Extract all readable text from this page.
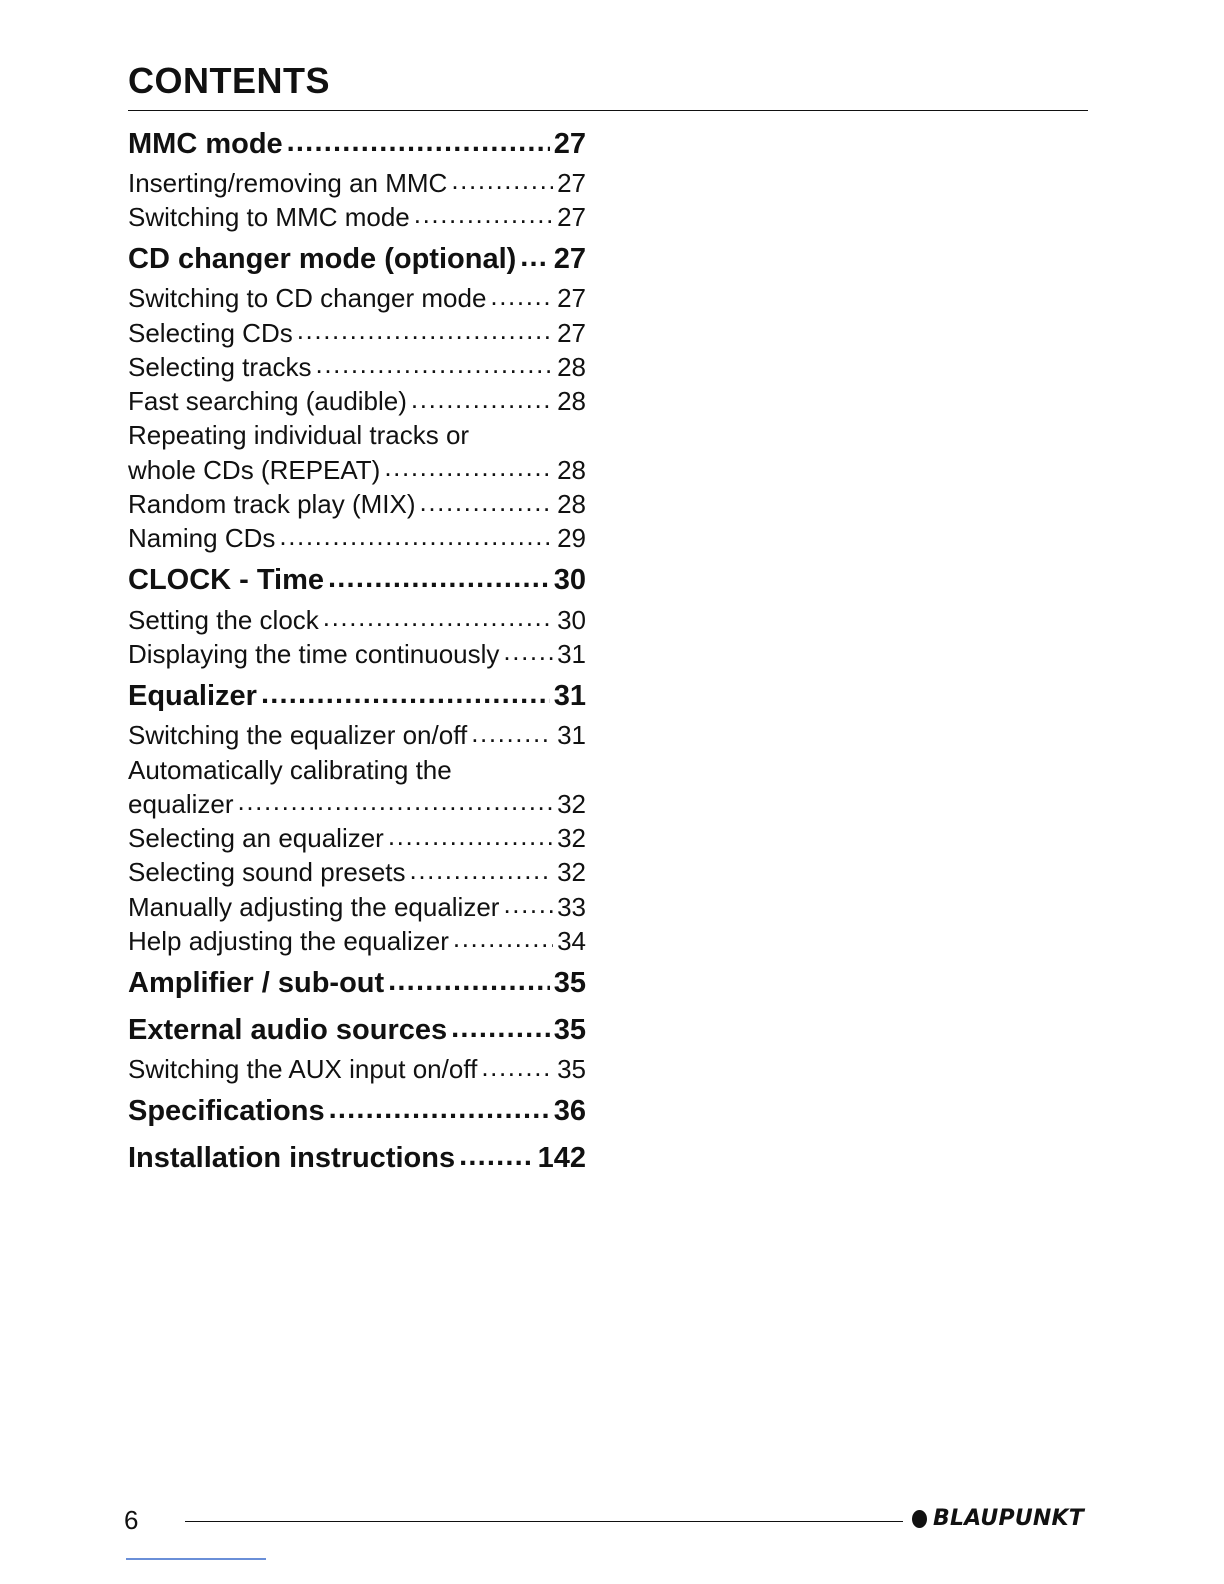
CONTENTS
MMC mode .....	27
Inserting/removing an MMC .....	27
Switching to MMC mode .....	27
CD changer mode (optional) ..... 27
Switching to CD changer mode .....	27
Selecting CDs .....	27
Selecting tracks .....	28
Fast searching (audible) .....	28
Repeating individual tracks or
whole CDs (REPEAT) .....	28
Random track play (MIX) .....	28
Naming CDs .....	29
CLOCK - Time .....	30
Setting the clock .....	30
Displaying the time continuously ..... 31
Equalizer .....	31
Switching the equalizer on/off .....	31
Automatically calibrating the
equalizer .....	32
Selecting an equalizer .....	32
Selecting sound presets .....	32
Manually adjusting the equalizer ..... 33
Help adjusting the equalizer .....	34
Amplifier / sub-out .....	35
External audio sources .....	35
Switching the AUX input on/off .....	35
Specifications .....	36
Installation instructions .....	142
6	BLAUPUNKT
